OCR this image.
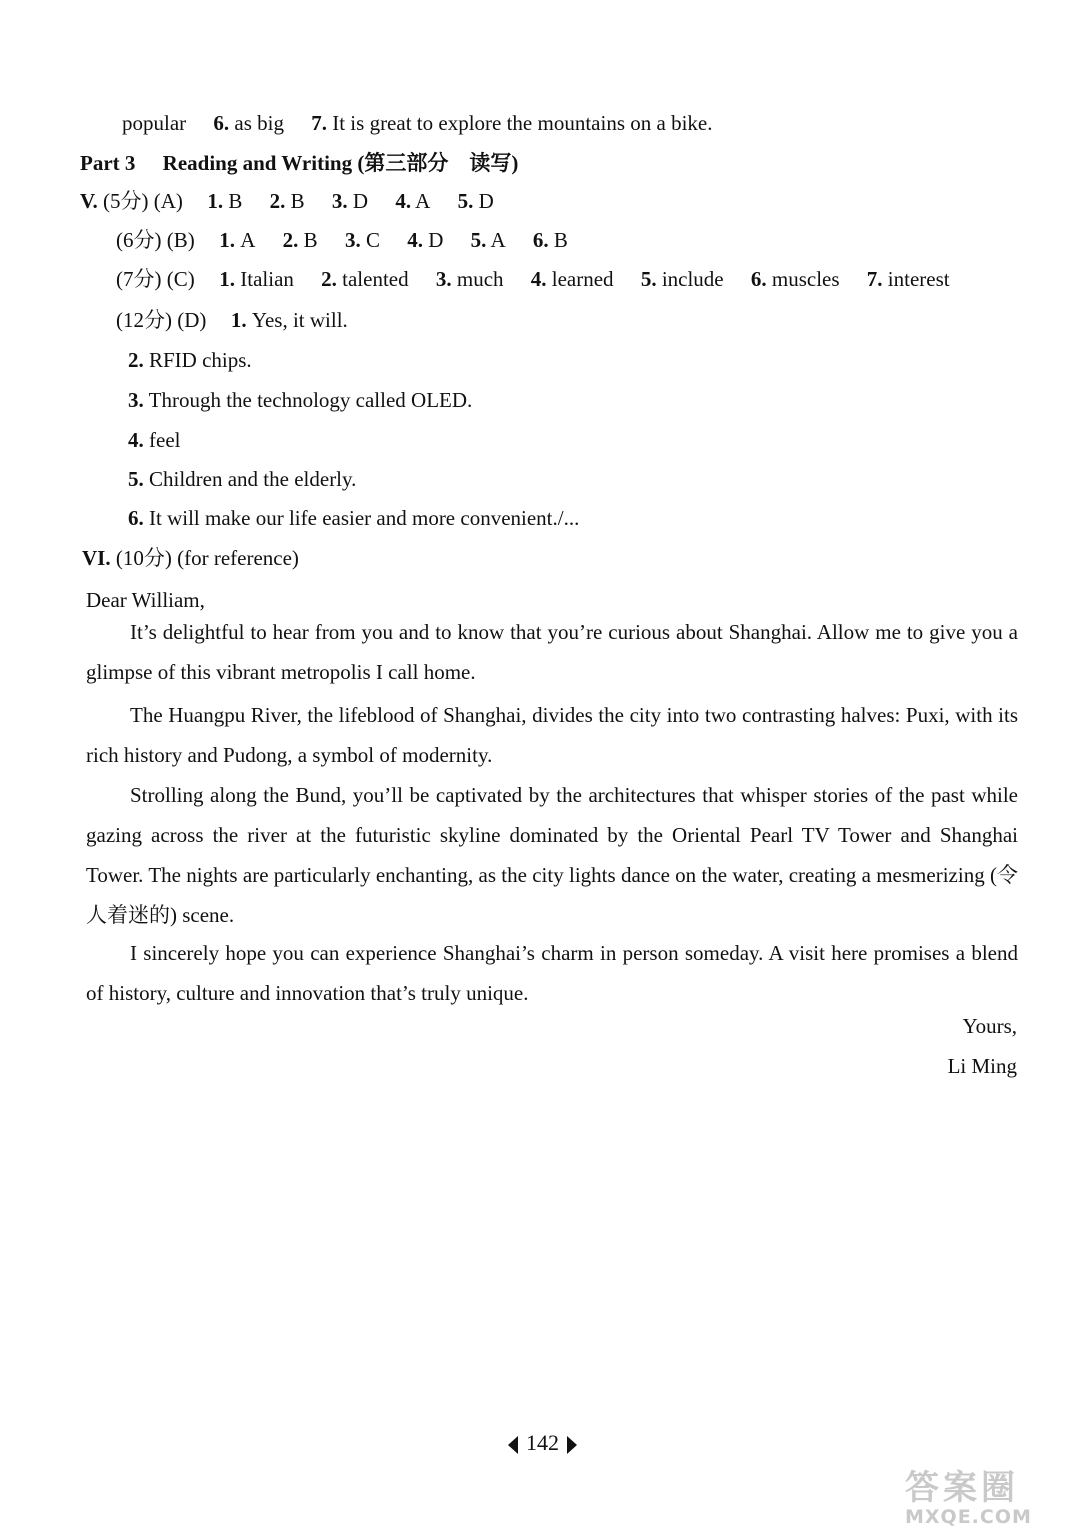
popular 6. as big 7. It is great to explore the mountains on a bike.
Part 3 Reading and Writing (第三部分　读写)
V. (5分) (A) 1. B 2. B 3. D 4. A 5. D
(6分) (B) 1. A 2. B 3. C 4. D 5. A 6. B
(7分) (C) 1. Italian 2. talented 3. much 4. learned 5. include 6. muscles 7. interest
(12分) (D) 1. Yes, it will.
2. RFID chips.
3. Through the technology called OLED.
4. feel
5. Children and the elderly.
6. It will make our life easier and more convenient./...
VI. (10分) (for reference)
Dear William,
It’s delightful to hear from you and to know that you’re curious about Shanghai. Allow me to give you a glimpse of this vibrant metropolis I call home.
The Huangpu River, the lifeblood of Shanghai, divides the city into two contrasting halves: Puxi, with its rich history and Pudong, a symbol of modernity.
Strolling along the Bund, you’ll be captivated by the architectures that whisper stories of the past while gazing across the river at the futuristic skyline dominated by the Oriental Pearl TV Tower and Shanghai Tower. The nights are particularly enchanting, as the city lights dance on the water, creating a mesmerizing (令人着迷的) scene.
I sincerely hope you can experience Shanghai’s charm in person someday. A visit here promises a blend of history, culture and innovation that’s truly unique.
Yours,
Li Ming
142
答案圈
MXQE.COM
